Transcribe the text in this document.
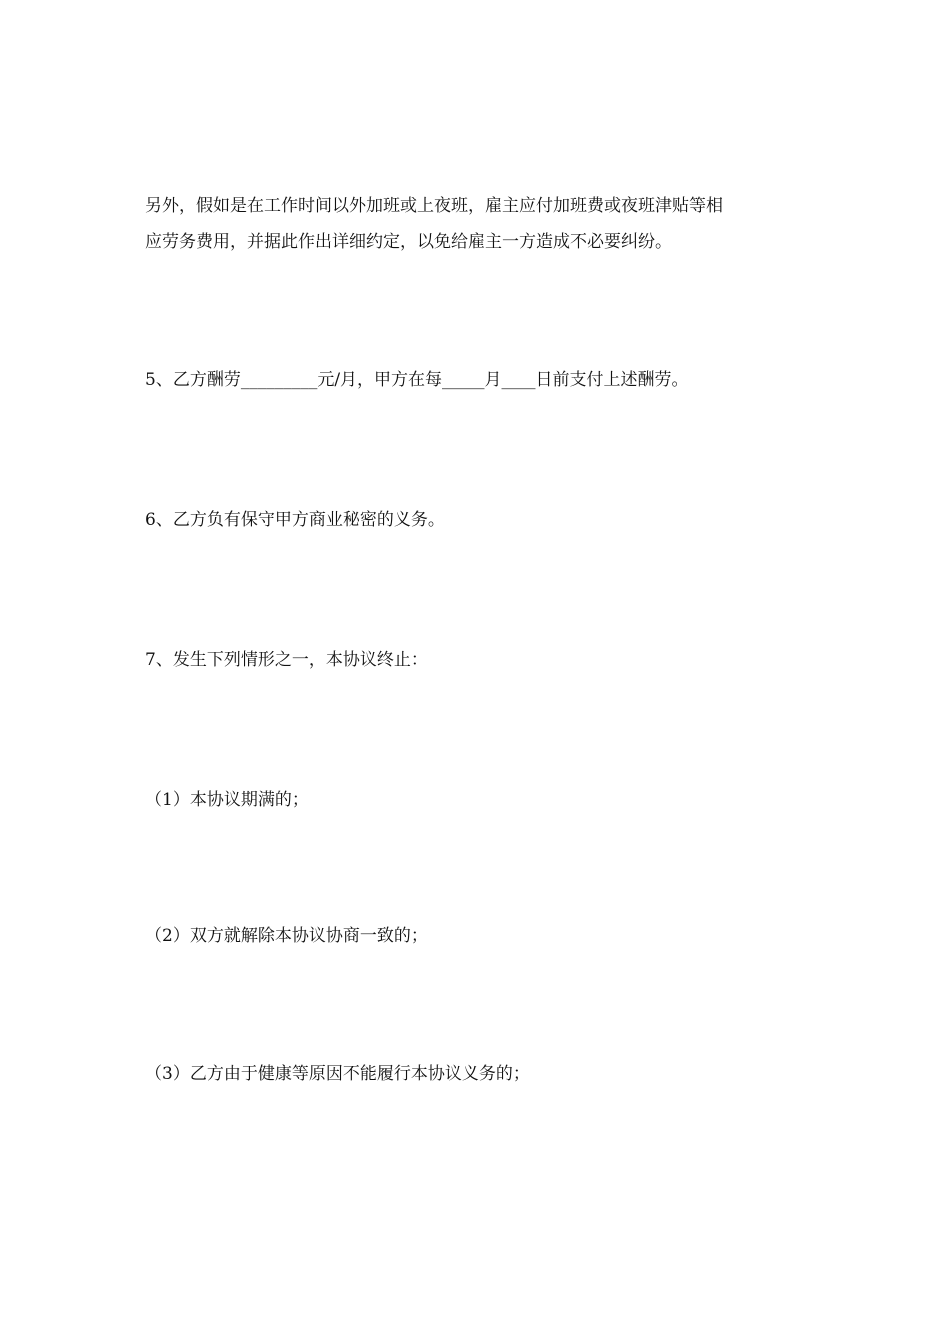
另外，假如是在工作时间以外加班或上夜班，雇主应付加班费或夜班津贴等相
应劳务费用，并据此作出详细约定，以免给雇主一方造成不必要纠纷。
5、乙方酬劳_________元/月，甲方在每_____月____日前支付上述酬劳。
6、乙方负有保守甲方商业秘密的义务。
7、发生下列情形之一，本协议终止：
（1）本协议期满的；
（2）双方就解除本协议协商一致的；
（3）乙方由于健康等原因不能履行本协议义务的；
